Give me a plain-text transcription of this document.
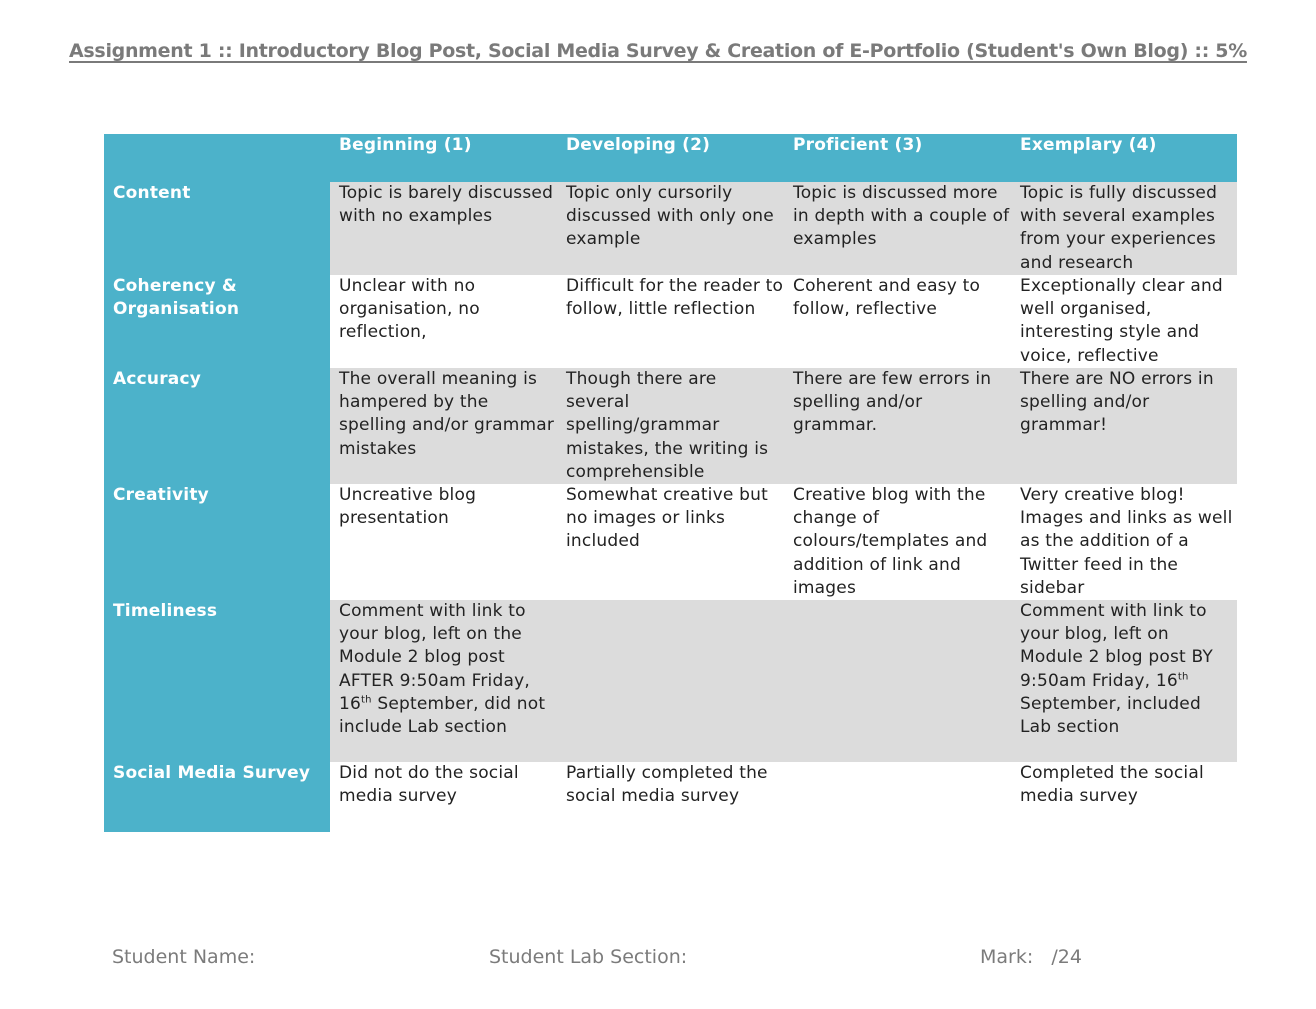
Assignment 1 :: Introductory Blog Post, Social Media Survey & Creation of E-Portfolio (Student's Own Blog) :: 5%
	Beginning (1)	Developing (2)	Proficient (3)	Exemplary (4)
Content	Topic is barely discussed with no examples	Topic only cursorily discussed with only one example	Topic is discussed more in depth with a couple of examples	Topic is fully discussed with several examples from your experiences and research
Coherency & Organisation	Unclear with no organisation, no reflection,	Difficult for the reader to follow, little reflection	Coherent and easy to follow, reflective	Exceptionally clear and well organised, interesting style and voice, reflective
Accuracy	The overall meaning is hampered by the spelling and/or grammar mistakes	Though there are several spelling/grammar mistakes, the writing is comprehensible	There are few errors in spelling and/or grammar.	There are NO errors in spelling and/or grammar!
Creativity	Uncreative blog presentation	Somewhat creative but no images or links included	Creative blog with the change of colours/templates and addition of link and images	Very creative blog! Images and links as well as the addition of a Twitter feed in the sidebar
Timeliness	Comment with link to your blog, left on the Module 2 blog post AFTER 9:50am Friday, 16th September, did not include Lab section			Comment with link to your blog, left on Module 2 blog post BY 9:50am Friday, 16th September, included Lab section
Social Media Survey	Did not do the social media survey	Partially completed the social media survey		Completed the social media survey
Student Name:	Student Lab Section:	Mark:   /24
